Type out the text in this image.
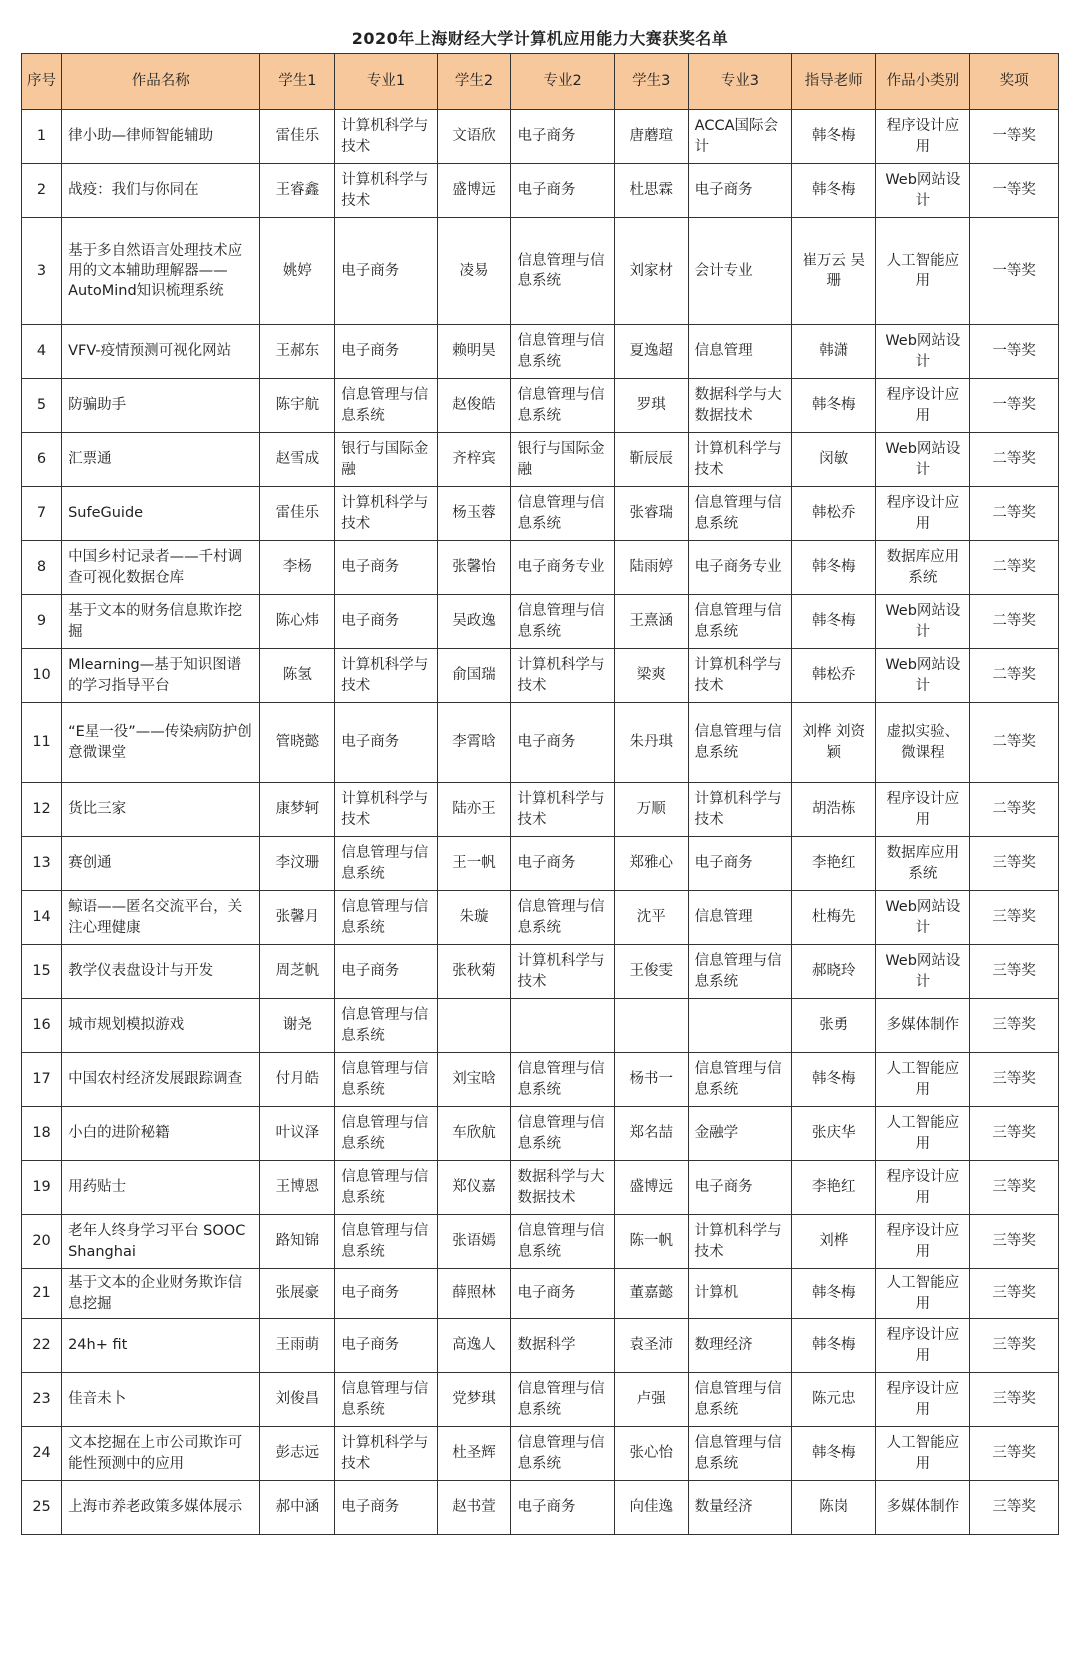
2020年上海财经大学计算机应用能力大赛获奖名单
序号	作品名称	学生1	专业1	学生2	专业2	学生3	专业3	指导老师	作品小类别	奖项
1	律小助—律师智能辅助	雷佳乐	计算机科学与技术	文语欣	电子商务	唐蘑瑄	ACCA国际会计	韩冬梅	程序设计应用	一等奖
2	战疫：我们与你同在	王睿鑫	计算机科学与技术	盛博远	电子商务	杜思霖	电子商务	韩冬梅	Web网站设计	一等奖
3	基于多自然语言处理技术应用的文本辅助理解器——AutoMind知识梳理系统	姚婷	电子商务	凌易	信息管理与信息系统	刘家材	会计专业	崔万云 吴珊	人工智能应用	一等奖
4	VFV-疫情预测可视化网站	王郝东	电子商务	赖明昊	信息管理与信息系统	夏逸超	信息管理	韩潇	Web网站设计	一等奖
5	防骗助手	陈宇航	信息管理与信息系统	赵俊皓	信息管理与信息系统	罗琪	数据科学与大数据技术	韩冬梅	程序设计应用	一等奖
6	汇票通	赵雪成	银行与国际金融	齐梓宾	银行与国际金融	靳辰辰	计算机科学与技术	闵敏	Web网站设计	二等奖
7	SufeGuide	雷佳乐	计算机科学与技术	杨玉蓉	信息管理与信息系统	张睿瑞	信息管理与信息系统	韩松乔	程序设计应用	二等奖
8	中国乡村记录者——千村调查可视化数据仓库	李杨	电子商务	张馨怡	电子商务专业	陆雨婷	电子商务专业	韩冬梅	数据库应用系统	二等奖
9	基于文本的财务信息欺诈挖掘	陈心炜	电子商务	吴政逸	信息管理与信息系统	王熹涵	信息管理与信息系统	韩冬梅	Web网站设计	二等奖
10	Mlearning—基于知识图谱的学习指导平台	陈氢	计算机科学与技术	俞国瑞	计算机科学与技术	梁爽	计算机科学与技术	韩松乔	Web网站设计	二等奖
11	“E星一役”——传染病防护创意微课堂	管晓懿	电子商务	李霄晗	电子商务	朱丹琪	信息管理与信息系统	刘桦 刘资颖	虚拟实验、微课程	二等奖
12	货比三家	康梦轲	计算机科学与技术	陆亦王	计算机科学与技术	万顺	计算机科学与技术	胡浩栋	程序设计应用	二等奖
13	赛创通	李汶珊	信息管理与信息系统	王一帆	电子商务	郑雅心	电子商务	李艳红	数据库应用系统	三等奖
14	鲸语——匿名交流平台，关注心理健康	张馨月	信息管理与信息系统	朱璇	信息管理与信息系统	沈平	信息管理	杜梅先	Web网站设计	三等奖
15	教学仪表盘设计与开发	周芝帆	电子商务	张秋菊	计算机科学与技术	王俊雯	信息管理与信息系统	郝晓玲	Web网站设计	三等奖
16	城市规划模拟游戏	谢尧	信息管理与信息系统					张勇	多媒体制作	三等奖
17	中国农村经济发展跟踪调查	付月皓	信息管理与信息系统	刘宝晗	信息管理与信息系统	杨书一	信息管理与信息系统	韩冬梅	人工智能应用	三等奖
18	小白的进阶秘籍	叶议泽	信息管理与信息系统	车欣航	信息管理与信息系统	郑名喆	金融学	张庆华	人工智能应用	三等奖
19	用药贴士	王博恩	信息管理与信息系统	郑仪嘉	数据科学与大数据技术	盛博远	电子商务	李艳红	程序设计应用	三等奖
20	老年人终身学习平台 SOOC Shanghai	路知锦	信息管理与信息系统	张语嫣	信息管理与信息系统	陈一帆	计算机科学与技术	刘桦	程序设计应用	三等奖
21	基于文本的企业财务欺诈信息挖掘	张展豪	电子商务	薛照林	电子商务	董嘉懿	计算机	韩冬梅	人工智能应用	三等奖
22	24h+ fit	王雨萌	电子商务	高逸人	数据科学	袁圣沛	数理经济	韩冬梅	程序设计应用	三等奖
23	佳音未卜	刘俊昌	信息管理与信息系统	党梦琪	信息管理与信息系统	卢强	信息管理与信息系统	陈元忠	程序设计应用	三等奖
24	文本挖掘在上市公司欺诈可能性预测中的应用	彭志远	计算机科学与技术	杜圣辉	信息管理与信息系统	张心怡	信息管理与信息系统	韩冬梅	人工智能应用	三等奖
25	上海市养老政策多媒体展示	郝中涵	电子商务	赵书萱	电子商务	向佳逸	数量经济	陈岗	多媒体制作	三等奖
